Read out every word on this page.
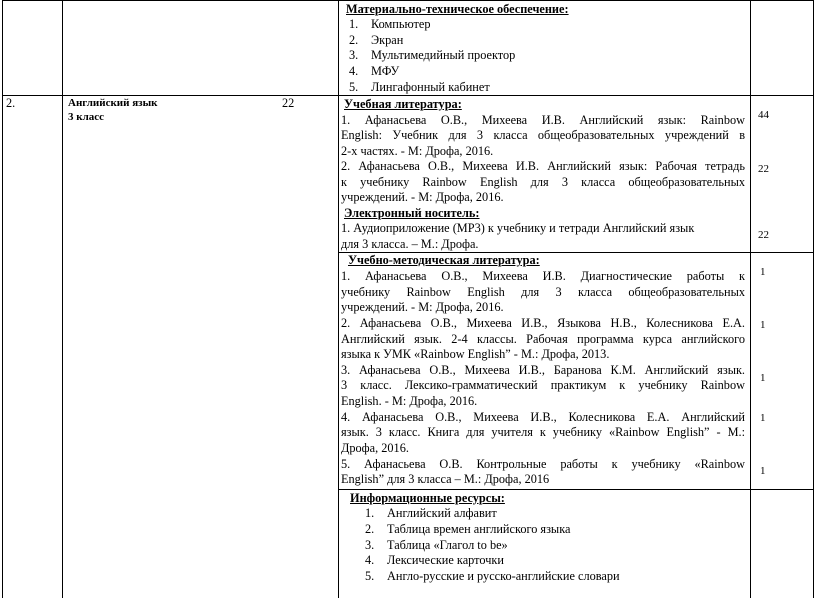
Материально-техническое обеспечение:
1. Компьютер
2. Экран
3. Мультимедийный проектор
4. МФУ
5. Лингафонный кабинет
2.	Английский язык
3 класс
22	Учебная литература:
1. Афанасьева О.В., Михеева И.В. Английский язык: Rainbow
English: Учебник для 3 класса общеобразовательных учреждений в
2-х частях. - М: Дрофа, 2016.
2. Афанасьева О.В., Михеева И.В. Английский язык: Рабочая тетрадь
к учебнику Rainbow English для 3 класса общеобразовательных
учреждений. - М: Дрофа, 2016.
Электронный носитель:
1. Аудиоприложение (МР3) к учебнику и тетради Английский язык
для 3 класса. – М.: Дрофа.
44
22
22
Учебно-методическая литература:
1. Афанасьева О.В., Михеева И.В. Диагностические работы к
учебнику Rainbow English для 3 класса общеобразовательных
учреждений. - М: Дрофа, 2016.
2. Афанасьева О.В., Михеева И.В., Языкова Н.В., Колесникова Е.А.
Английский язык. 2-4 классы. Рабочая программа курса английского
языка к УМК «Rainbow English” - М.: Дрофа, 2013.
3. Афанасьева О.В., Михеева И.В., Баранова К.М. Английский язык.
3 класс. Лексико-грамматический практикум к учебнику Rainbow
English. - М: Дрофа, 2016.
4. Афанасьева О.В., Михеева И.В., Колесникова Е.А. Английский
язык. 3 класс. Книга для учителя к учебнику «Rainbow English” - М.:
Дрофа, 2016.
5. Афанасьева О.В. Контрольные работы к учебнику «Rainbow
English” для 3 класса – М.: Дрофа, 2016
1
1
1
1
1
Информационные ресурсы:
1. Английский алфавит
2. Таблица времен английского языка
3. Таблица «Глагол to be»
4. Лексические карточки
5. Англо-русские и русско-английские словари
